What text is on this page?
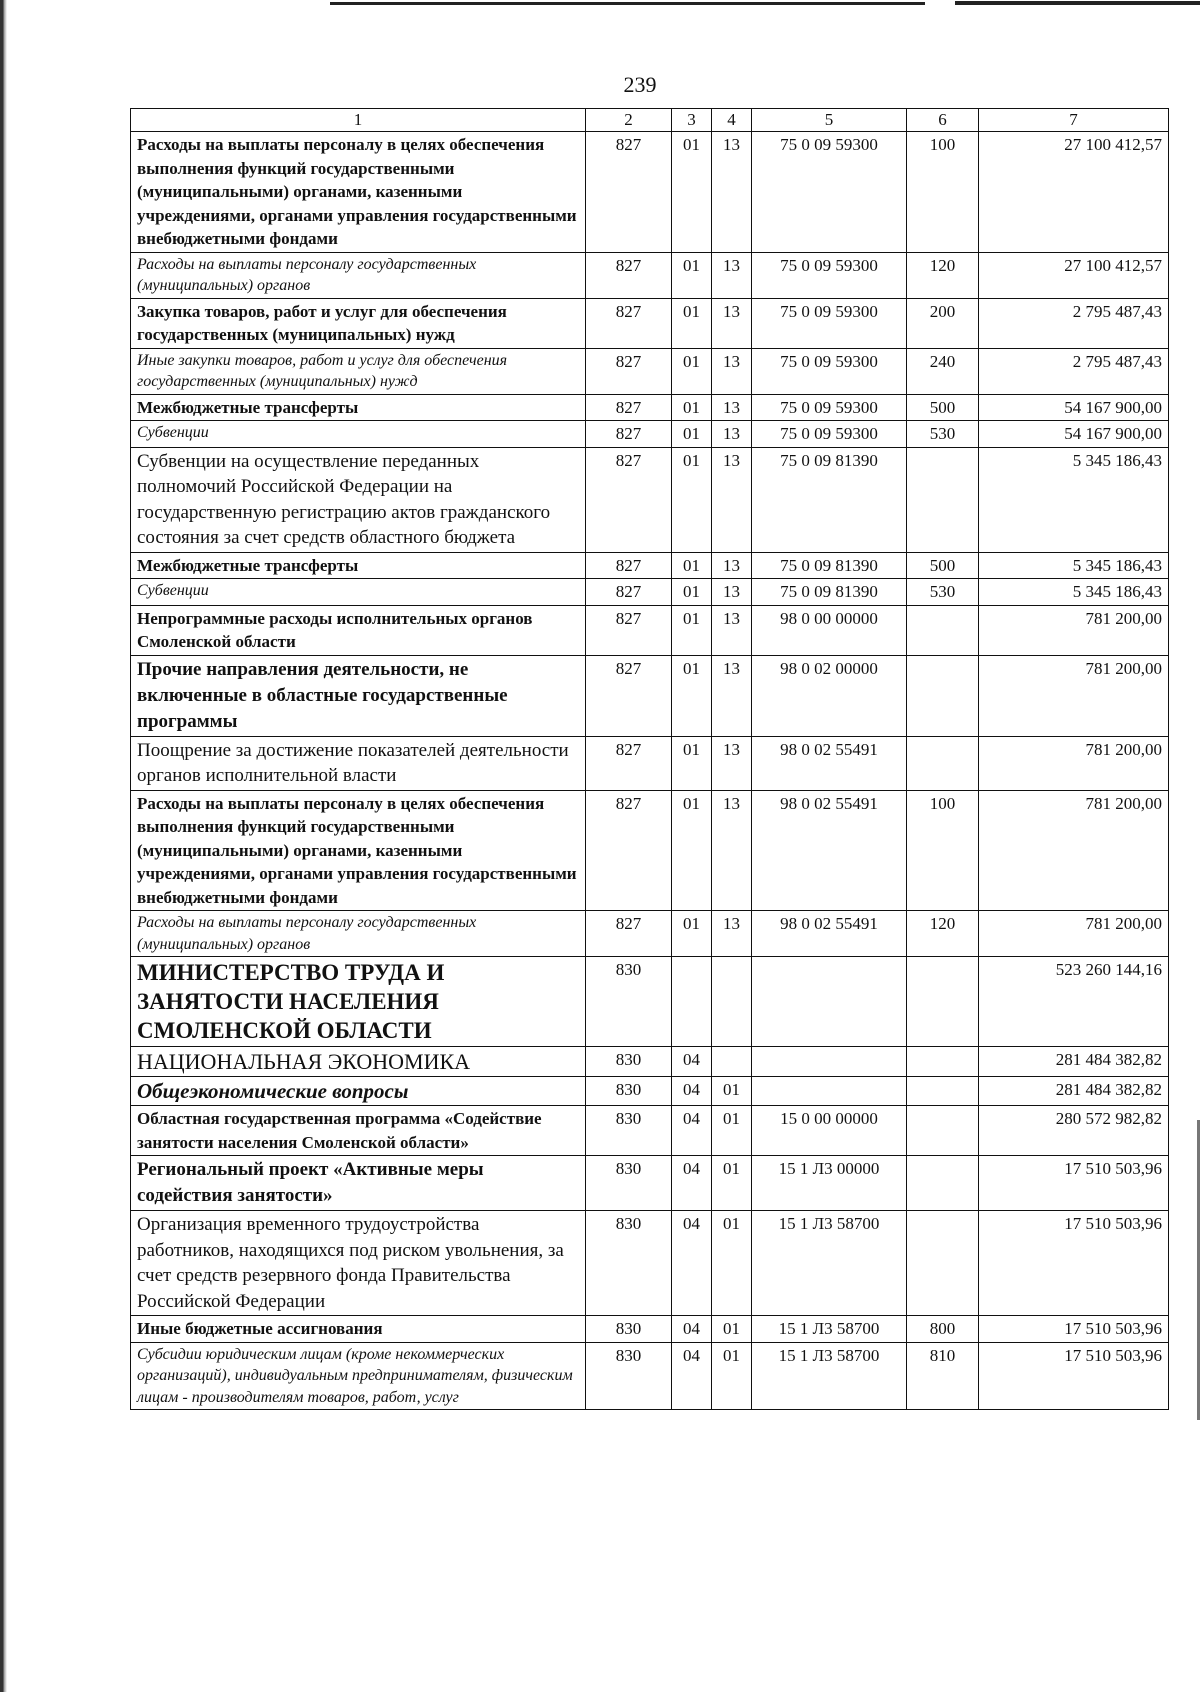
239
1	2	3	4	5	6	7
Расходы на выплаты персоналу в целях обеспечения выполнения функций государственными (муниципальными) органами, казенными учреждениями, органами управления государственными внебюджетными фондами	827	01	13	75 0 09 59300	100	27 100 412,57
Расходы на выплаты персоналу государственных (муниципальных) органов	827	01	13	75 0 09 59300	120	27 100 412,57
Закупка товаров, работ и услуг для обеспечения государственных (муниципальных) нужд	827	01	13	75 0 09 59300	200	2 795 487,43
Иные закупки товаров, работ и услуг для обеспечения государственных (муниципальных) нужд	827	01	13	75 0 09 59300	240	2 795 487,43
Межбюджетные трансферты	827	01	13	75 0 09 59300	500	54 167 900,00
Субвенции	827	01	13	75 0 09 59300	530	54 167 900,00
Субвенции на осуществление переданных полномочий Российской Федерации на государственную регистрацию актов гражданского состояния за счет средств областного бюджета	827	01	13	75 0 09 81390		5 345 186,43
Межбюджетные трансферты	827	01	13	75 0 09 81390	500	5 345 186,43
Субвенции	827	01	13	75 0 09 81390	530	5 345 186,43
Непрограммные расходы исполнительных органов Смоленской области	827	01	13	98 0 00 00000		781 200,00
Прочие направления деятельности, не включенные в областные государственные программы	827	01	13	98 0 02 00000		781 200,00
Поощрение за достижение показателей деятельности органов исполнительной власти	827	01	13	98 0 02 55491		781 200,00
Расходы на выплаты персоналу в целях обеспечения выполнения функций государственными (муниципальными) органами, казенными учреждениями, органами управления государственными внебюджетными фондами	827	01	13	98 0 02 55491	100	781 200,00
Расходы на выплаты персоналу государственных (муниципальных) органов	827	01	13	98 0 02 55491	120	781 200,00
МИНИСТЕРСТВО ТРУДА И ЗАНЯТОСТИ НАСЕЛЕНИЯ СМОЛЕНСКОЙ ОБЛАСТИ	830					523 260 144,16
НАЦИОНАЛЬНАЯ ЭКОНОМИКА	830	04				281 484 382,82
Общеэкономические вопросы	830	04	01			281 484 382,82
Областная государственная программа «Содействие занятости населения Смоленской области»	830	04	01	15 0 00 00000		280 572 982,82
Региональный проект «Активные меры содействия занятости»	830	04	01	15 1 Л3 00000		17 510 503,96
Организация временного трудоустройства работников, находящихся под риском увольнения, за счет средств резервного фонда Правительства Российской Федерации	830	04	01	15 1 Л3 58700		17 510 503,96
Иные бюджетные ассигнования	830	04	01	15 1 Л3 58700	800	17 510 503,96
Субсидии юридическим лицам (кроме некоммерческих организаций), индивидуальным предпринимателям, физическим лицам - производителям товаров, работ, услуг	830	04	01	15 1 Л3 58700	810	17 510 503,96
